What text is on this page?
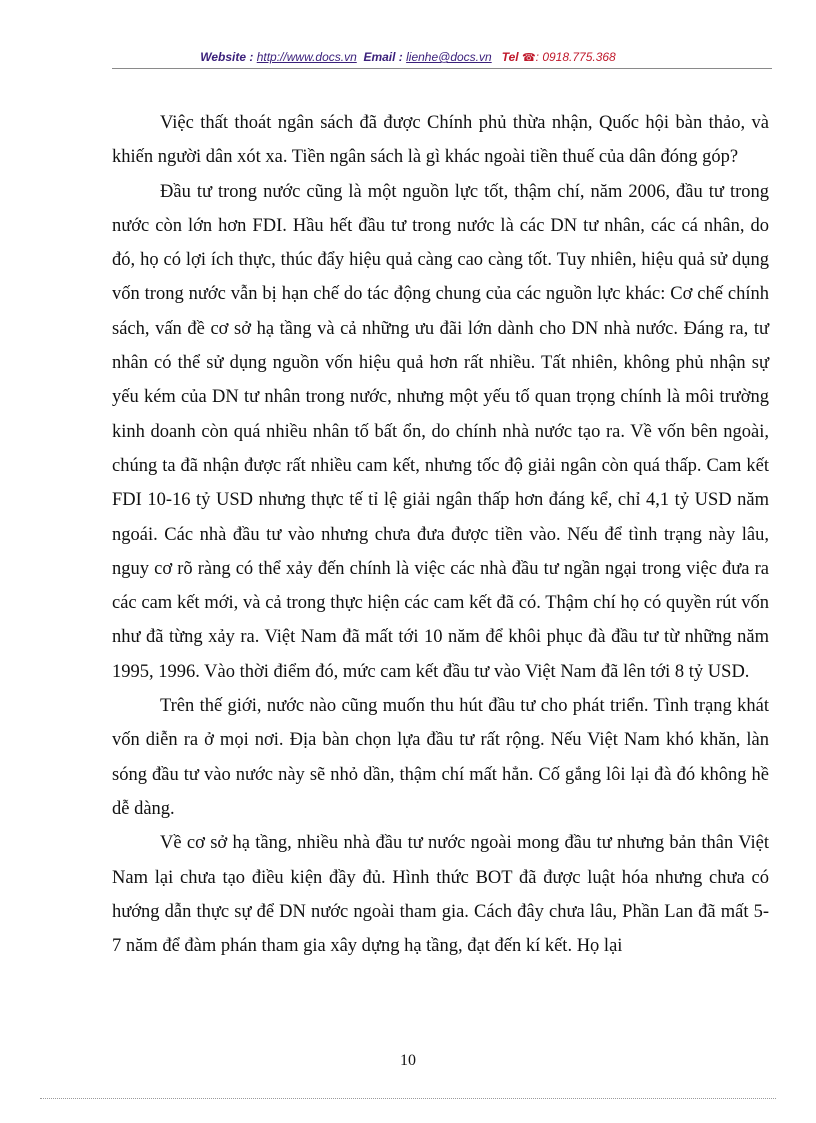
Website : http://www.docs.vn Email : lienhe@docs.vn Tel ☎: 0918.775.368

Việc thất thoát ngân sách đã được Chính phủ thừa nhận, Quốc hội bàn thảo, và khiến người dân xót xa. Tiền ngân sách là gì khác ngoài tiền thuế của dân đóng góp?

Đầu tư trong nước cũng là một nguồn lực tốt, thậm chí, năm 2006, đầu tư trong nước còn lớn hơn FDI. Hầu hết đầu tư trong nước là các DN tư nhân, các cá nhân, do đó, họ có lợi ích thực, thúc đẩy hiệu quả càng cao càng tốt. Tuy nhiên, hiệu quả sử dụng vốn trong nước vẫn bị hạn chế do tác động chung của các nguồn lực khác: Cơ chế chính sách, vấn đề cơ sở hạ tầng và cả những ưu đãi lớn dành cho DN nhà nước. Đáng ra, tư nhân có thể sử dụng nguồn vốn hiệu quả hơn rất nhiều. Tất nhiên, không phủ nhận sự yếu kém của DN tư nhân trong nước, nhưng một yếu tố quan trọng chính là môi trường kinh doanh còn quá nhiều nhân tố bất ổn, do chính nhà nước tạo ra. Về vốn bên ngoài, chúng ta đã nhận được rất nhiều cam kết, nhưng tốc độ giải ngân còn quá thấp. Cam kết FDI 10-16 tỷ USD nhưng thực tế tỉ lệ giải ngân thấp hơn đáng kể, chỉ 4,1 tỷ USD năm ngoái. Các nhà đầu tư vào nhưng chưa đưa được tiền vào. Nếu để tình trạng này lâu, nguy cơ rõ ràng có thể xảy đến chính là việc các nhà đầu tư ngần ngại trong việc đưa ra các cam kết mới, và cả trong thực hiện các cam kết đã có. Thậm chí họ có quyền rút vốn như đã từng xảy ra. Việt Nam đã mất tới 10 năm để khôi phục đà đầu tư từ những năm 1995, 1996. Vào thời điểm đó, mức cam kết đầu tư vào Việt Nam đã lên tới 8 tỷ USD.

Trên thế giới, nước nào cũng muốn thu hút đầu tư cho phát triển. Tình trạng khát vốn diễn ra ở mọi nơi. Địa bàn chọn lựa đầu tư rất rộng. Nếu Việt Nam khó khăn, làn sóng đầu tư vào nước này sẽ nhỏ dần, thậm chí mất hẳn. Cố gắng lôi lại đà đó không hề dễ dàng.

Về cơ sở hạ tầng, nhiều nhà đầu tư nước ngoài mong đầu tư nhưng bản thân Việt Nam lại chưa tạo điều kiện đầy đủ. Hình thức BOT đã được luật hóa nhưng chưa có hướng dẫn thực sự để DN nước ngoài tham gia. Cách đây chưa lâu, Phần Lan đã mất 5-7 năm để đàm phán tham gia xây dựng hạ tầng, đạt đến kí kết. Họ lại

10
